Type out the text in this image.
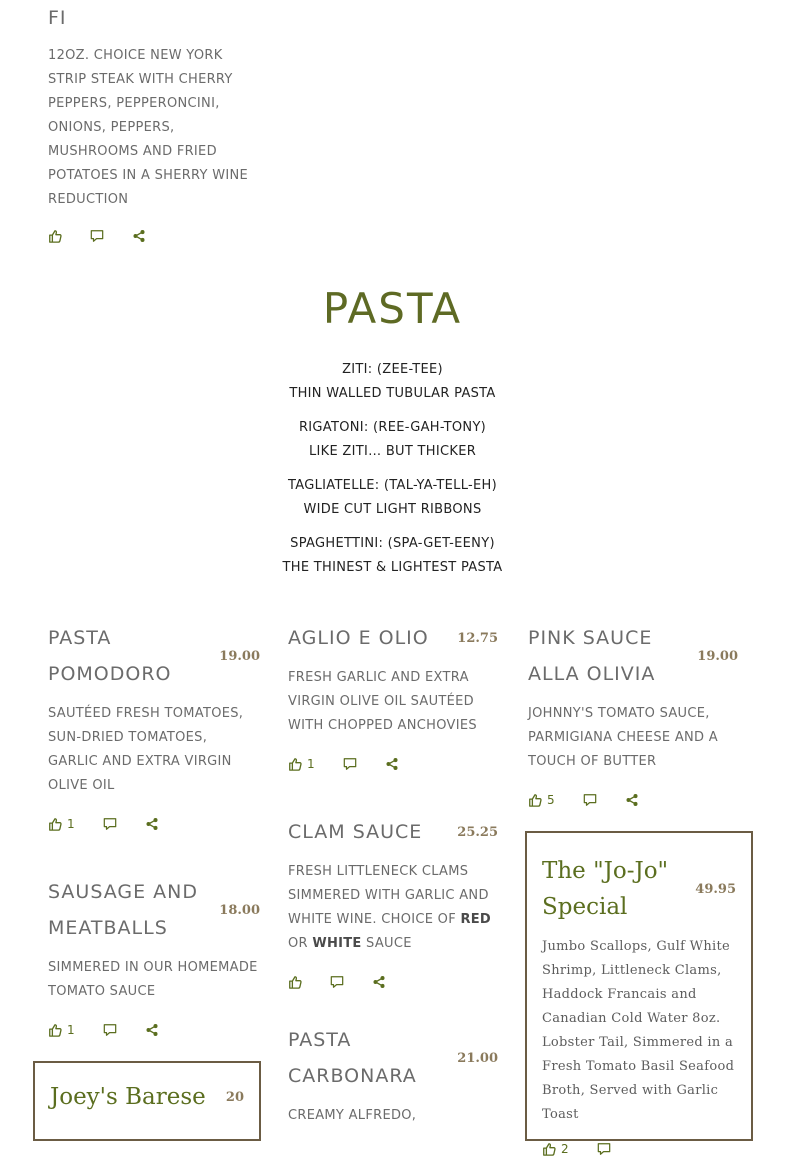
FI

12OZ. CHOICE NEW YORK STRIP STEAK WITH CHERRY PEPPERS, PEPPERONCINI, ONIONS, PEPPERS, MUSHROOMS AND FRIED POTATOES IN A SHERRY WINE REDUCTION

PASTA
ZITI: (ZEE-TEE)
THIN WALLED TUBULAR PASTA
RIGATONI: (REE-GAH-TONY)
LIKE ZITI… BUT THICKER
TAGLIATELLE: (TAL-YA-TELL-EH)
WIDE CUT LIGHT RIBBONS
SPAGHETTINI: (SPA-GET-EENY)
THE THINEST & LIGHTEST PASTA
PASTA POMODORO
19.00

SAUTÉED FRESH TOMATOES, SUN-DRIED TOMATOES, GARLIC AND EXTRA VIRGIN OLIVE OIL

1
SAUSAGE AND MEATBALLS
18.00

SIMMERED IN OUR HOMEMADE TOMATO SAUCE

1
Joey's Barese 20
AGLIO E OLIO 12.75

FRESH GARLIC AND EXTRA VIRGIN OLIVE OIL SAUTÉED WITH CHOPPED ANCHOVIES

1
CLAM SAUCE	25.25

FRESH LITTLENECK CLAMS SIMMERED WITH GARLIC AND WHITE WINE. CHOICE OF RED OR WHITE SAUCE

PASTA CARBONARA
21.00

CREAMY ALFREDO,

PINK SAUCE ALLA OLIVIA
19.00

JOHNNY'S TOMATO SAUCE, PARMIGIANA CHEESE AND A TOUCH OF BUTTER

5
The "Jo-Jo" Special
49.95

Jumbo Scallops, Gulf White Shrimp, Littleneck Clams, Haddock Francais and Canadian Cold Water 8oz. Lobster Tail, Simmered in a Fresh Tomato Basil Seafood Broth, Served with Garlic Toast

2
